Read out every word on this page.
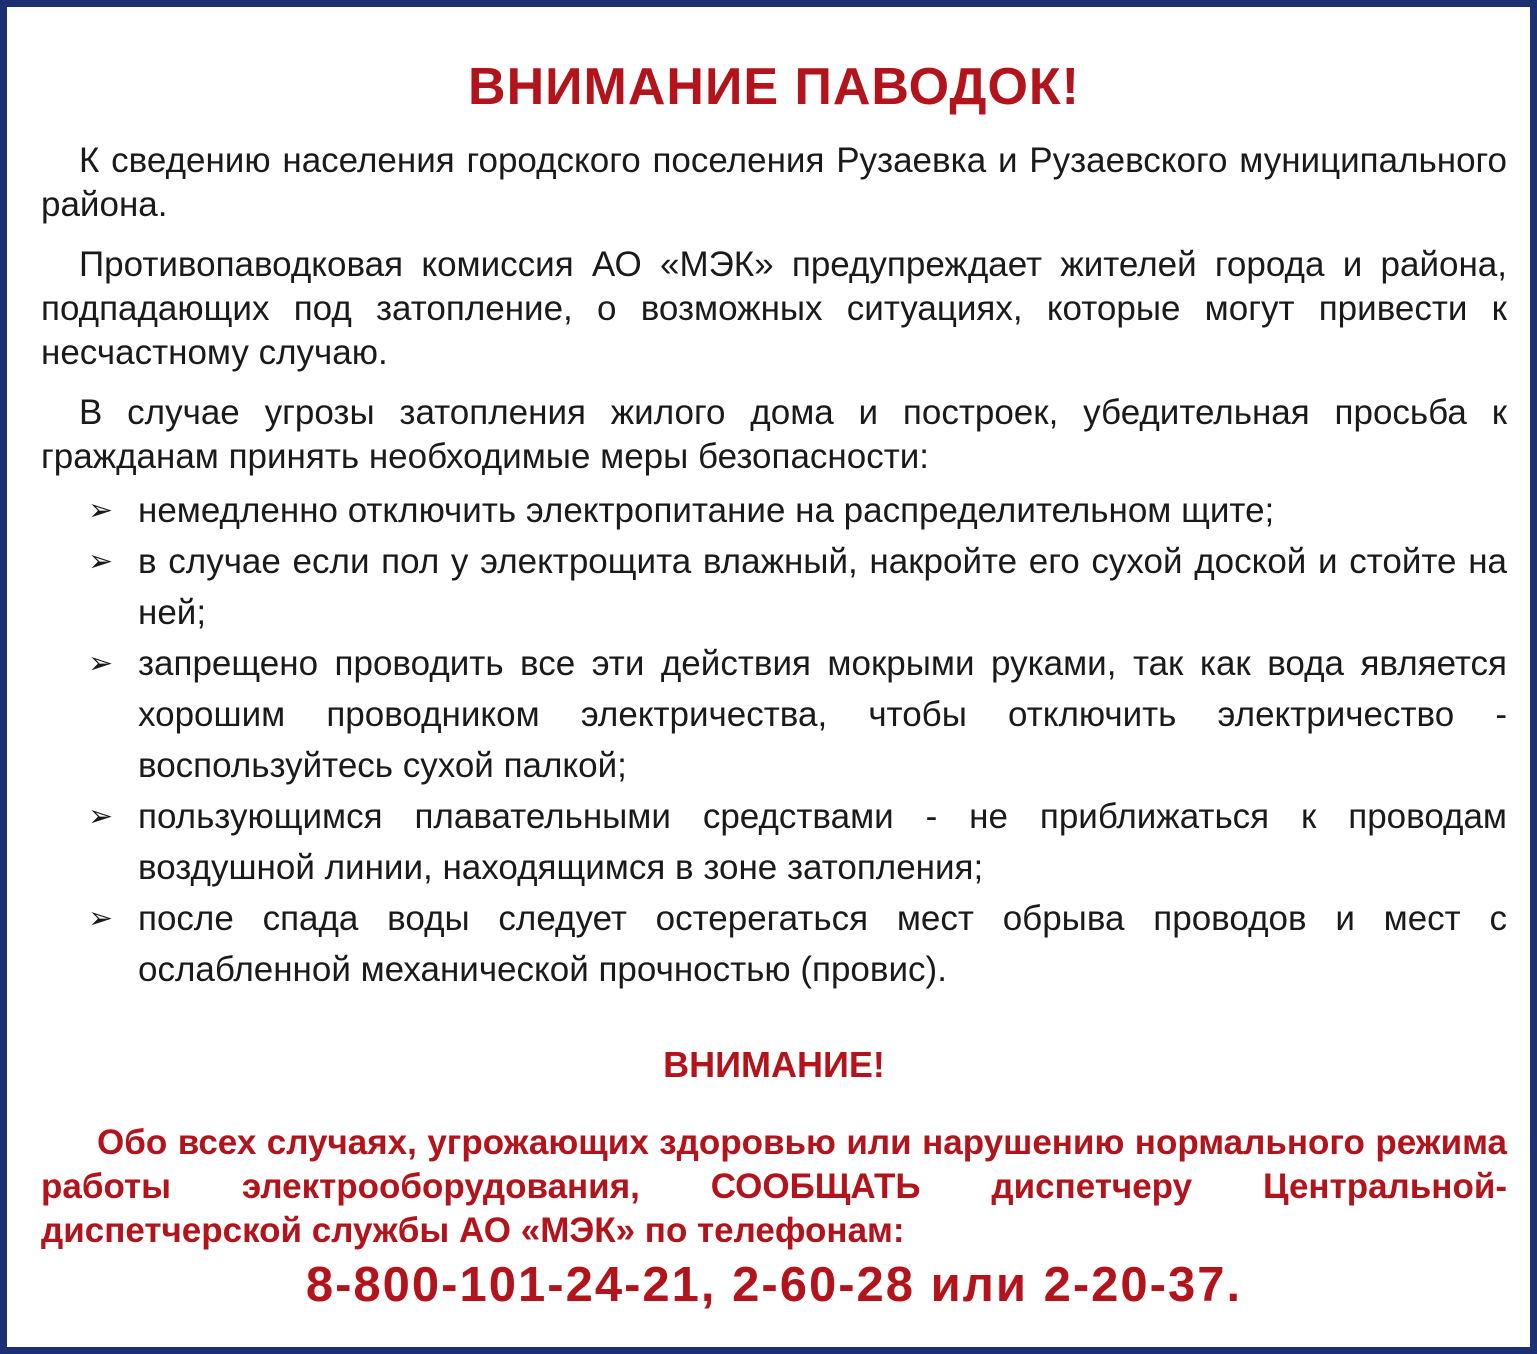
ВНИМАНИЕ ПАВОДОК!

К сведению населения городского поселения Рузаевка и Рузаевского муниципального района.

Противопаводковая комиссия АО «МЭК» предупреждает жителей города и района, подпадающих под затопление, о возможных ситуациях, которые могут привести к несчастному случаю.

В случае угрозы затопления жилого дома и построек, убедительная просьба к гражданам принять необходимые меры безопасности:

➢ немедленно отключить электропитание на распределительном щите;
➢ в случае если пол у электрощита влажный, накройте его сухой доской и стойте на ней;
➢ запрещено проводить все эти действия мокрыми руками, так как вода является хорошим проводником электричества, чтобы отключить электричество - воспользуйтесь сухой палкой;
➢ пользующимся плавательными средствами - не приближаться к проводам воздушной линии, находящимся в зоне затопления;
➢ после спада воды следует остерегаться мест обрыва проводов и мест с ослабленной механической прочностью (провис).
ВНИМАНИЕ!

Обо всех случаях, угрожающих здоровью или нарушению нормального режима работы электрооборудования, СООБЩАТЬ диспетчеру Центральной-диспетчерской службы АО «МЭК» по телефонам:

8-800-101-24-21, 2-60-28 или 2-20-37.
